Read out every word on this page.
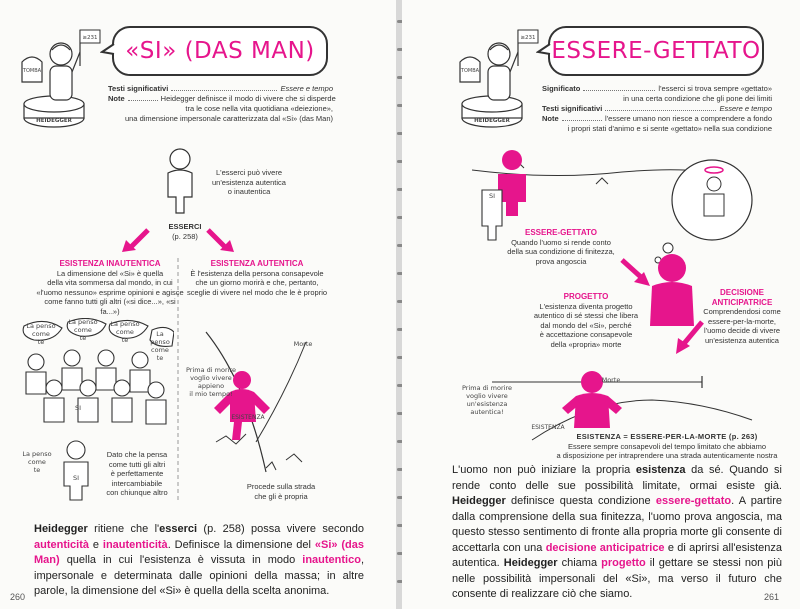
≥231
TOMBA
HEIDEGGER
«SI» (DAS MAN)
Testi significativi	Essere e tempo
Note	Heidegger definisce il modo di vivere che si disperde
tra le cose nella vita quotidiana «deiezione»,
una dimensione impersonale caratterizzata dal «Si» (das Man)
L'esserci può vivere
un'esistenza autentica
o inautentica
ESSERCI
(p. 258)
ESISTENZA INAUTENTICA
La dimensione del «Si» è quella
della vita sommersa dal mondo, in cui
«l'uomo nessuno» esprime opinioni e agisce
come fanno tutti gli altri («si dice...», «si fa...»)
ESISTENZA AUTENTICA
È l'esistenza della persona consapevole
che un giorno morirà e che, pertanto,
sceglie di vivere nel modo che le è proprio
La penso
come
te
La penso
come
te
La penso
come
te
La penso
come
te
SI
SI
La penso
come
te
Dato che la pensa
come tutti gli altri
è perfettamente
intercambiabile
con chiunque altro
Morte
Prima di morire
voglio vivere
appieno
il mio tempo!
ESISTENZA
Procede sulla strada
che gli è propria
Heidegger ritiene che l'esserci (p. 258) possa vivere secondo autenticità e inautenticità. Definisce la dimensione del «Si» (das Man) quella in cui l'esistenza è vissuta in modo inautentico, impersonale e determinata dalle opinioni della massa; in altre parole, la dimensione del «Si» è quella della scelta anonima.
260
≥231
TOMBA
HEIDEGGER
ESSERE-GETTATO
Significato	l'esserci si trova sempre «gettato»
in una certa condizione che gli pone dei limiti
Testi significativi	Essere e tempo
Note	l'essere umano non riesce a comprendere a fondo
i propri stati d'animo e si sente «gettato» nella sua condizione
SI
ESSERE-GETTATO
Quando l'uomo si rende conto
della sua condizione di finitezza,
prova angoscia
PROGETTO
L'esistenza diventa progetto
autentico di sé stessi che libera
dal mondo del «Si», perché
è accettazione consapevole
della «propria» morte
DECISIONE
ANTICIPATRICE
Comprendendosi come
essere-per-la-morte,
l'uomo decide di vivere
un'esistenza autentica
Morte
Prima di morire
voglio vivere
un'esistenza
autentica!
ESISTENZA
ESISTENZA = ESSERE-PER-LA-MORTE (p. 263)
Essere sempre consapevoli del tempo limitato che abbiamo
a disposizione per intraprendere una strada autenticamente nostra
L'uomo non può iniziare la propria esistenza da sé. Quando si rende conto delle sue possibilità limitate, ormai esiste già. Heidegger definisce questa condizione essere-gettato. A partire dalla comprensione della sua finitezza, l'uomo prova angoscia, ma questo stesso sentimento di fronte alla propria morte gli consente di accettarla con una decisione anticipatrice e di aprirsi all'esistenza autentica. Heidegger chiama progetto il gettare se stessi non più nelle possibilità impersonali del «Si», ma verso il futuro che consente di realizzare ciò che siamo.	261
